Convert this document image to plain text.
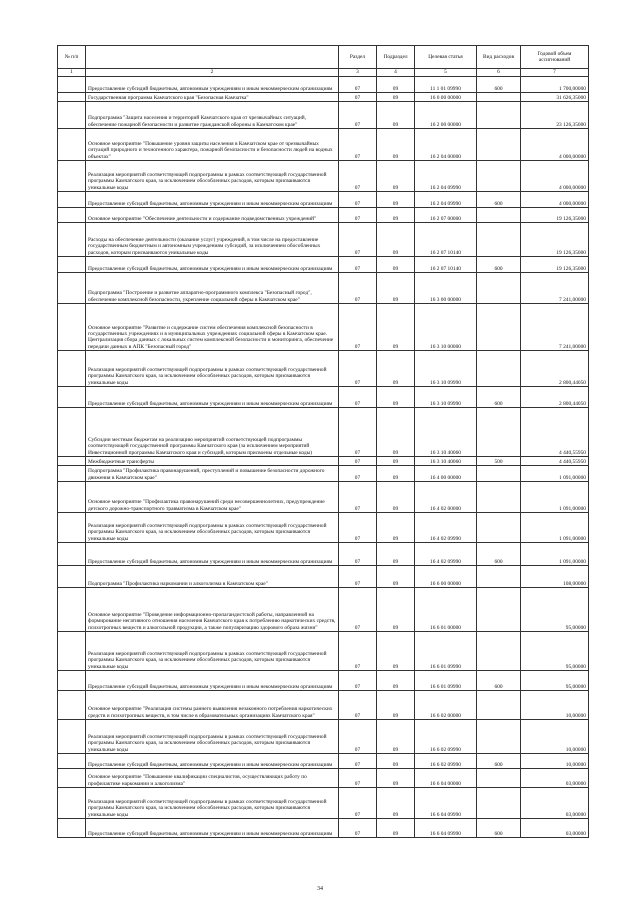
№ п/п		Раздел	Подраздел	Целевая статья	Вид расходов	Годовой объем ассигнований
1	2	3	4	5	6	7
	Предоставление субсидий бюджетным, автономным учреждениям и иным некоммерческим организациям	07	09	11 1 01 09990	600	1 700,00000
	Государственная программа Камчатского края "Безопасная Камчатка"	07	09	16 0 00 00000		31 626,35000
	Подпрограмма "Защита населения и территорий Камчатского края от чрезвычайных ситуаций, обеспечение пожарной безопасности и развитие гражданской обороны в Камчатском крае"	07	09	16 2 00 00000		23 126,35000
	Основное мероприятие "Повышение уровня защиты населения в Камчатском крае от чрезвычайных ситуаций природного и техногенного характера, пожарной безопасности и безопасности людей на водных объектах"	07	09	16 2 04 00000		4 000,00000
	Реализация мероприятий соответствующей подпрограммы в рамках соответствующей государственной программы Камчатского края, за исключением обособленных расходов, которым присваиваются уникальные коды	07	09	16 2 04 09990		4 000,00000
	Предоставление субсидий бюджетным, автономным учреждениям и иным некоммерческим организациям	07	09	16 2 04 09990	600	4 000,00000
	Основное мероприятие "Обеспечение деятельности и содержание подведомственных учреждений"	07	09	16 2 07 00000		19 126,35000
	Расходы на обеспечение деятельности (оказание услуг) учреждений, в том числе на предоставление государственным бюджетным и автономным учреждениям субсидий, за исключением обособленных расходов, которым присваиваются уникальные коды	07	09	16 2 07 10140		19 126,35000
	Предоставление субсидий бюджетным, автономным учреждениям и иным некоммерческим организациям	07	09	16 2 07 10140	600	19 126,35000
	Подпрограмма "Построение и развитие аппаратно-программного комплекса "Безопасный город", обеспечение комплексной безопасности, укрепление социальной сферы в Камчатском крае"	07	09	16 3 00 00000		7 241,00000
	Основное мероприятие "Развитие и содержание систем обеспечения комплексной безопасности в государственных учреждениях и в муниципальных учреждениях социальной сферы в Камчатском крае. Централизация сбора данных с локальных систем комплексной безопасности и мониторинга, обеспечение передачи данных в АПК "Безопасный город"	07	09	16 3 10 00000		7 241,00000
	Реализация мероприятий соответствующей подпрограммы в рамках соответствующей государственной программы Камчатского края, за исключением обособленных расходов, которым присваиваются уникальные коды	07	09	16 3 10 09990		2 800,44050
	Предоставление субсидий бюджетным, автономным учреждениям и иным некоммерческим организациям	07	09	16 3 10 09990	600	2 800,44050
	Субсидии местным бюджетам на реализацию мероприятий соответствующей подпрограммы соответствующей государственной программы Камчатского края (за исключением мероприятий Инвестиционной программы Камчатского края и субсидий, которым присвоены отдельные коды)	07	09	16 3 10 40060		4 440,55950
	Межбюджетные трансферты	07	09	16 3 10 40060	500	4 440,55950
	Подпрограмма "Профилактика правонарушений, преступлений и повышение безопасности дорожного движения в Камчатском крае"	07	09	16 4 00 00000		1 091,00000
	Основное мероприятие "Профилактика правонарушений среди несовершеннолетних, предупреждение детского дорожно-транспортного травматизма в Камчатском крае"	07	09	16 4 02 00000		1 091,00000
	Реализация мероприятий соответствующей подпрограммы в рамках соответствующей государственной программы Камчатского края, за исключением обособленных расходов, которым присваиваются уникальные коды	07	09	16 4 02 09990		1 091,00000
	Предоставление субсидий бюджетным, автономным учреждениям и иным некоммерческим организациям	07	09	16 4 02 09990	600	1 091,00000
	Подпрограмма "Профилактика наркомании и алкоголизма в Камчатском крае"	07	09	16 6 00 00000		108,00000
	Основное мероприятие "Проведение информационно-пропагандистской работы, направленной на формирование негативного отношения населения Камчатского края к потреблению наркотических средств, психотропных веществ и алкогольной продукции, а также популяризацию здорового образа жизни"	07	09	16 6 01 00000		95,00000
	Реализация мероприятий соответствующей подпрограммы в рамках соответствующей государственной программы Камчатского края, за исключением обособленных расходов, которым присваиваются уникальные коды	07	09	16 6 01 09990		95,00000
	Предоставление субсидий бюджетным, автономным учреждениям и иным некоммерческим организациям	07	09	16 6 01 09990	600	95,00000
	Основное мероприятие "Реализация системы раннего выявления незаконного потребления наркотических средств и психотропных веществ, в том числе в образовательных организациях Камчатского края"	07	09	16 6 02 00000		10,00000
	Реализация мероприятий соответствующей подпрограммы в рамках соответствующей государственной программы Камчатского края, за исключением обособленных расходов, которым присваиваются уникальные коды	07	09	16 6 02 09990		10,00000
	Предоставление субсидий бюджетным, автономным учреждениям и иным некоммерческим организациям	07	09	16 6 02 09990	600	10,00000
	Основное мероприятие "Повышение квалификации специалистов, осуществляющих работу по профилактике наркомании и алкоголизма"	07	09	16 6 04 00000		03,00000
	Реализация мероприятий соответствующей подпрограммы в рамках соответствующей государственной программы Камчатского края, за исключением обособленных расходов, которым присваиваются уникальные коды	07	09	16 6 04 09990		03,00000
	Предоставление субсидий бюджетным, автономным учреждениям и иным некоммерческим организациям	07	09	16 6 04 09990	600	03,00000
34
